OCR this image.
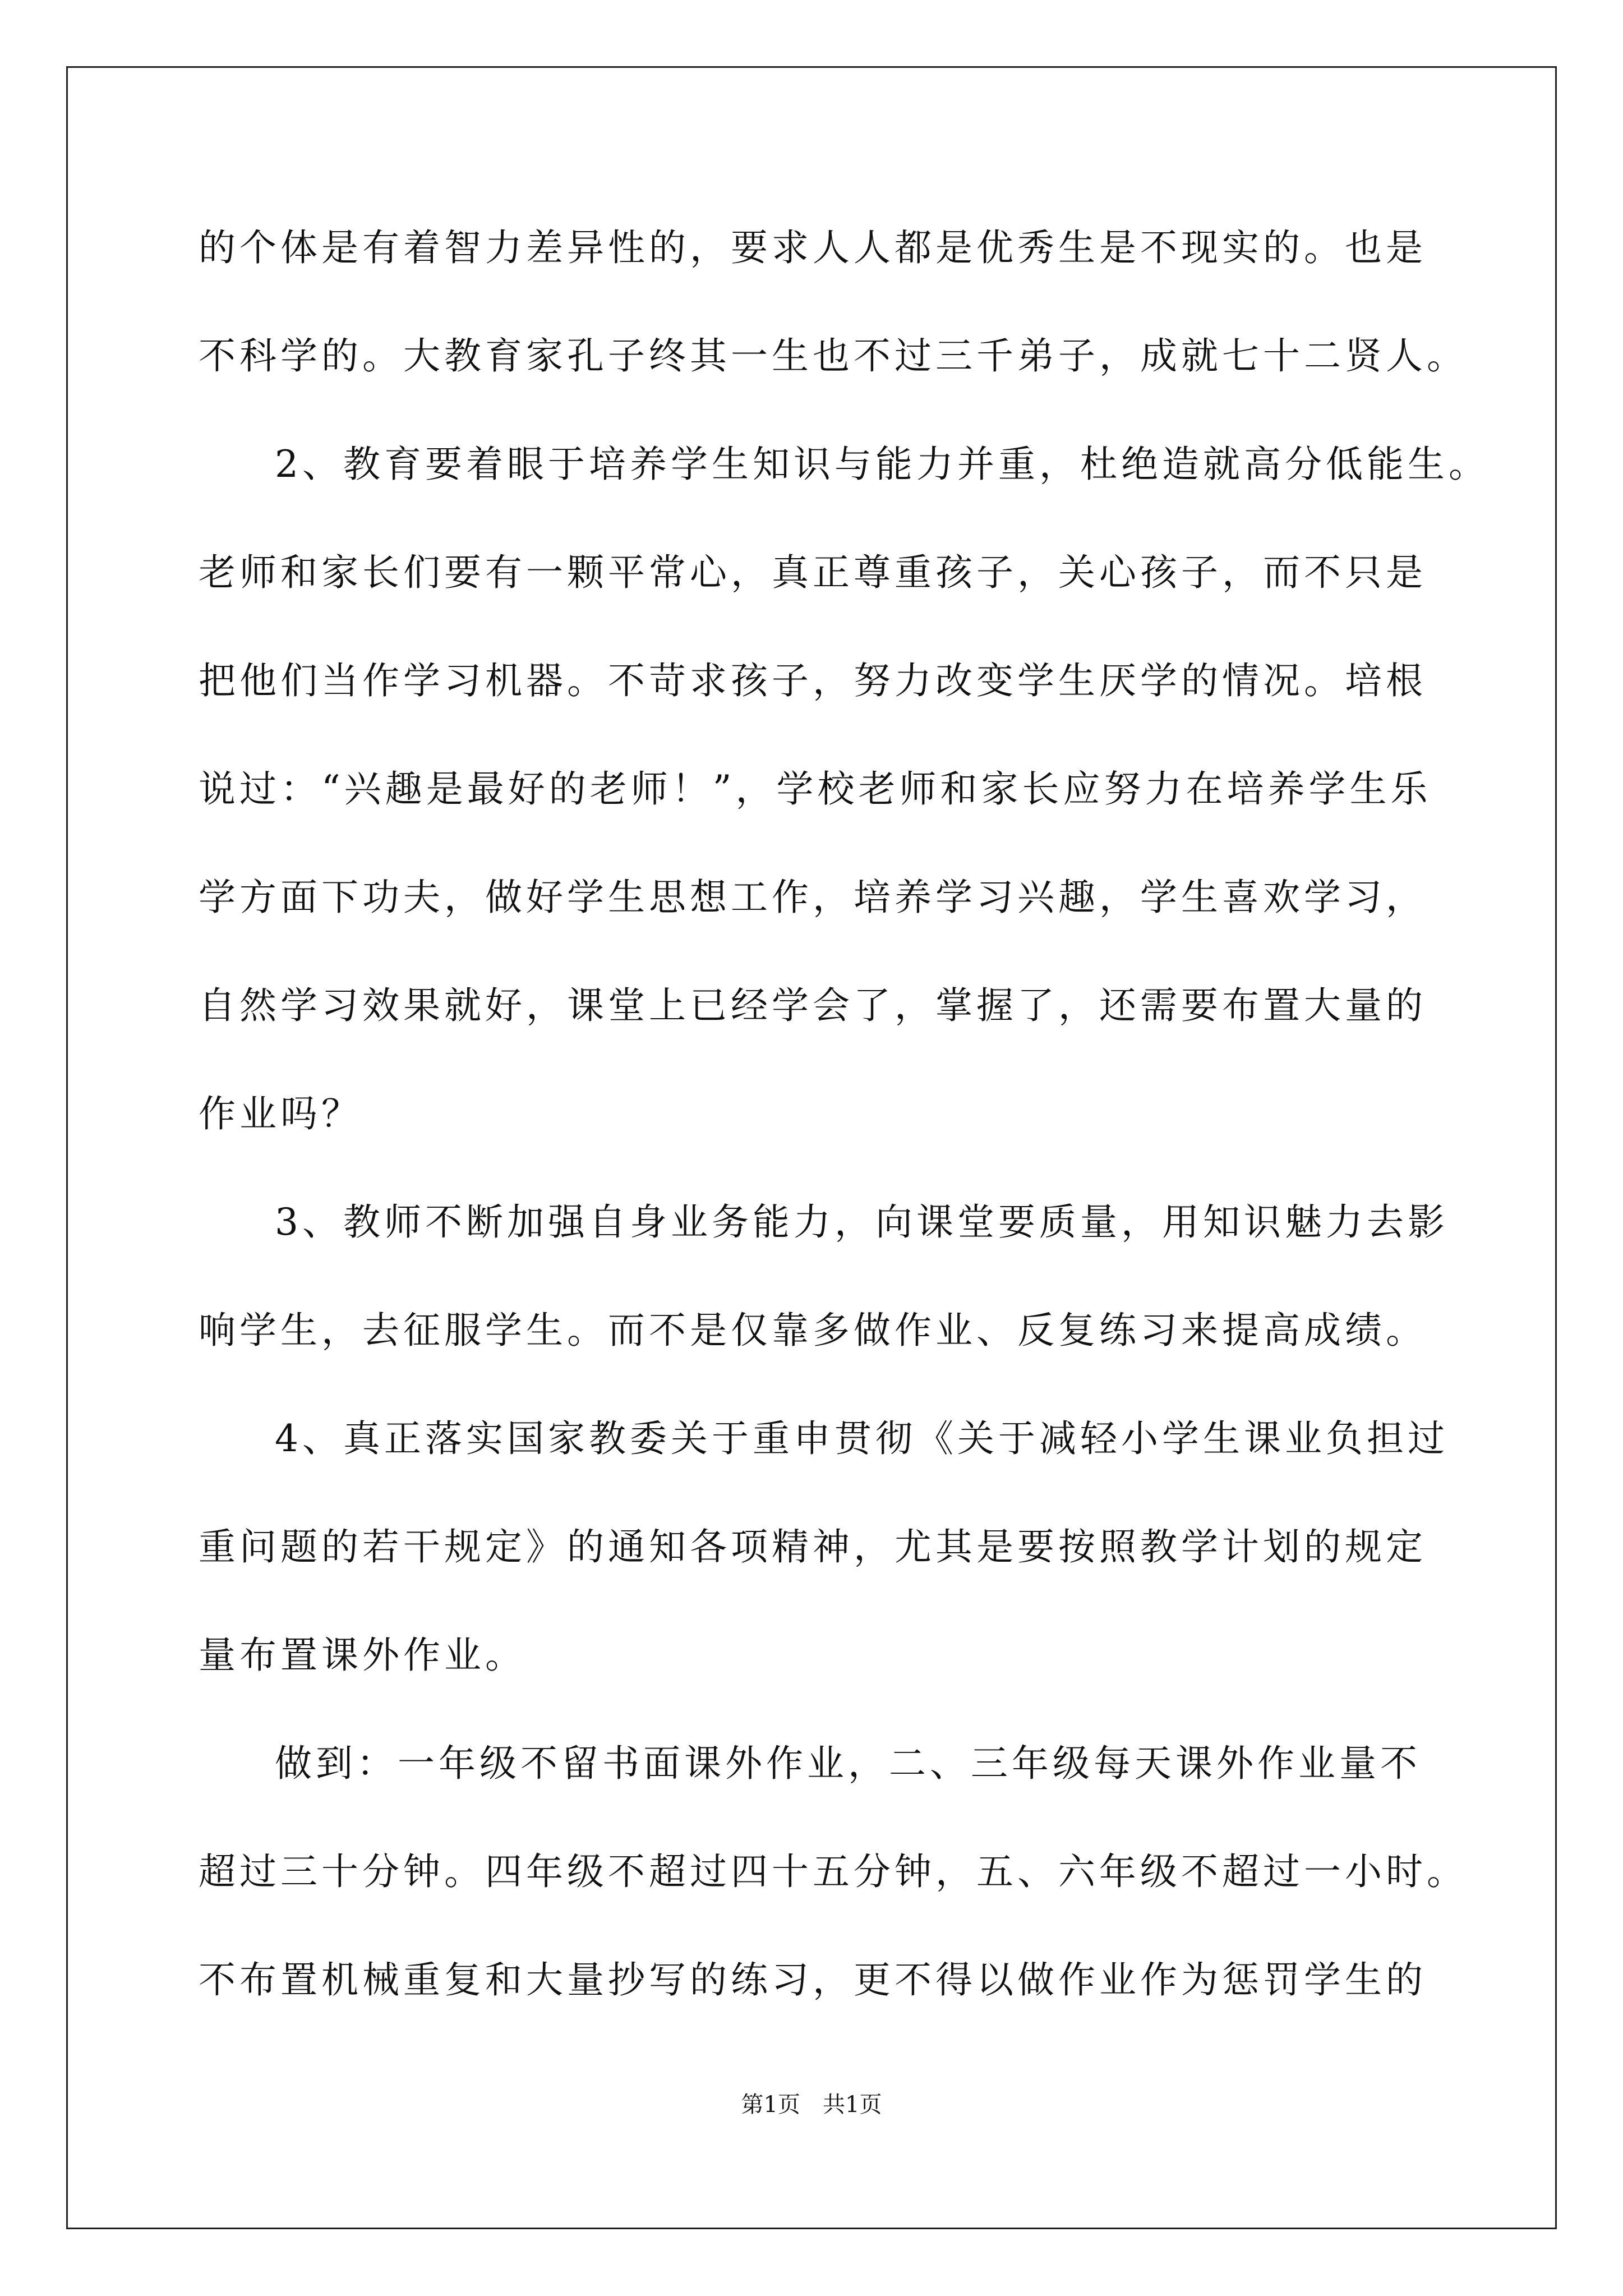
的个体是有着智力差异性的，要求人人都是优秀生是不现实的。也是
不科学的。大教育家孔子终其一生也不过三千弟子，成就七十二贤人。
2、教育要着眼于培养学生知识与能力并重，杜绝造就高分低能生。
老师和家长们要有一颗平常心，真正尊重孩子，关心孩子，而不只是
把他们当作学习机器。不苛求孩子，努力改变学生厌学的情况。培根
说过：“兴趣是最好的老师！”，学校老师和家长应努力在培养学生乐
学方面下功夫，做好学生思想工作，培养学习兴趣，学生喜欢学习，
自然学习效果就好，课堂上已经学会了，掌握了，还需要布置大量的
作业吗？
3、教师不断加强自身业务能力，向课堂要质量，用知识魅力去影
响学生，去征服学生。而不是仅靠多做作业、反复练习来提高成绩。
4、真正落实国家教委关于重申贯彻《关于减轻小学生课业负担过
重问题的若干规定》的通知各项精神，尤其是要按照教学计划的规定
量布置课外作业。
做到：一年级不留书面课外作业，二、三年级每天课外作业量不
超过三十分钟。四年级不超过四十五分钟，五、六年级不超过一小时。
不布置机械重复和大量抄写的练习，更不得以做作业作为惩罚学生的
第1页　共1页
